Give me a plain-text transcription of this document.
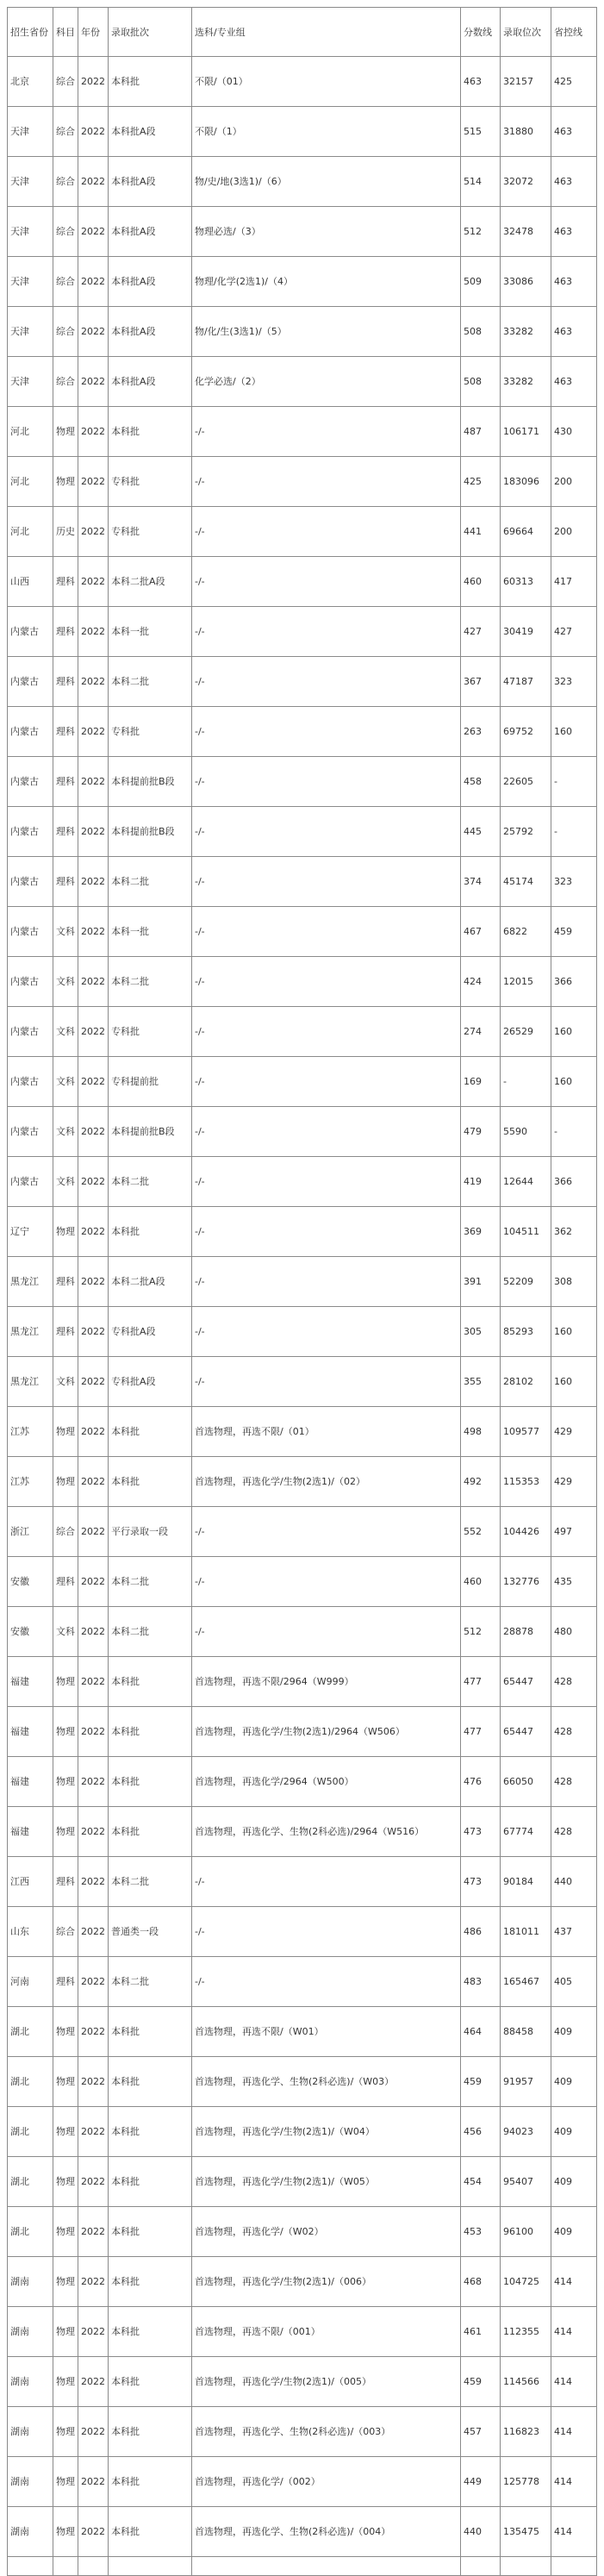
招生省份	科目	年份	录取批次	选科/专业组	分数线	录取位次	省控线
北京	综合	2022	本科批	不限/（01）	463	32157	425
天津	综合	2022	本科批A段	不限/（1）	515	31880	463
天津	综合	2022	本科批A段	物/史/地(3选1)/（6）	514	32072	463
天津	综合	2022	本科批A段	物理必选/（3）	512	32478	463
天津	综合	2022	本科批A段	物理/化学(2选1)/（4）	509	33086	463
天津	综合	2022	本科批A段	物/化/生(3选1)/（5）	508	33282	463
天津	综合	2022	本科批A段	化学必选/（2）	508	33282	463
河北	物理	2022	本科批	-/-	487	106171	430
河北	物理	2022	专科批	-/-	425	183096	200
河北	历史	2022	专科批	-/-	441	69664	200
山西	理科	2022	本科二批A段	-/-	460	60313	417
内蒙古	理科	2022	本科一批	-/-	427	30419	427
内蒙古	理科	2022	本科二批	-/-	367	47187	323
内蒙古	理科	2022	专科批	-/-	263	69752	160
内蒙古	理科	2022	本科提前批B段	-/-	458	22605	-
内蒙古	理科	2022	本科提前批B段	-/-	445	25792	-
内蒙古	理科	2022	本科二批	-/-	374	45174	323
内蒙古	文科	2022	本科一批	-/-	467	6822	459
内蒙古	文科	2022	本科二批	-/-	424	12015	366
内蒙古	文科	2022	专科批	-/-	274	26529	160
内蒙古	文科	2022	专科提前批	-/-	169	-	160
内蒙古	文科	2022	本科提前批B段	-/-	479	5590	-
内蒙古	文科	2022	本科二批	-/-	419	12644	366
辽宁	物理	2022	本科批	-/-	369	104511	362
黑龙江	理科	2022	本科二批A段	-/-	391	52209	308
黑龙江	理科	2022	专科批A段	-/-	305	85293	160
黑龙江	文科	2022	专科批A段	-/-	355	28102	160
江苏	物理	2022	本科批	首选物理，再选不限/（01）	498	109577	429
江苏	物理	2022	本科批	首选物理，再选化学/生物(2选1)/（02）	492	115353	429
浙江	综合	2022	平行录取一段	-/-	552	104426	497
安徽	理科	2022	本科二批	-/-	460	132776	435
安徽	文科	2022	本科二批	-/-	512	28878	480
福建	物理	2022	本科批	首选物理，再选不限/2964（W999）	477	65447	428
福建	物理	2022	本科批	首选物理，再选化学/生物(2选1)/2964（W506）	477	65447	428
福建	物理	2022	本科批	首选物理，再选化学/2964（W500）	476	66050	428
福建	物理	2022	本科批	首选物理，再选化学、生物(2科必选)/2964（W516）	473	67774	428
江西	理科	2022	本科二批	-/-	473	90184	440
山东	综合	2022	普通类一段	-/-	486	181011	437
河南	理科	2022	本科二批	-/-	483	165467	405
湖北	物理	2022	本科批	首选物理，再选不限/（W01）	464	88458	409
湖北	物理	2022	本科批	首选物理，再选化学、生物(2科必选)/（W03）	459	91957	409
湖北	物理	2022	本科批	首选物理，再选化学/生物(2选1)/（W04）	456	94023	409
湖北	物理	2022	本科批	首选物理，再选化学/生物(2选1)/（W05）	454	95407	409
湖北	物理	2022	本科批	首选物理，再选化学/（W02）	453	96100	409
湖南	物理	2022	本科批	首选物理，再选化学/生物(2选1)/（006）	468	104725	414
湖南	物理	2022	本科批	首选物理，再选不限/（001）	461	112355	414
湖南	物理	2022	本科批	首选物理，再选化学/生物(2选1)/（005）	459	114566	414
湖南	物理	2022	本科批	首选物理，再选化学、生物(2科必选)/（003）	457	116823	414
湖南	物理	2022	本科批	首选物理，再选化学/（002）	449	125778	414
湖南	物理	2022	本科批	首选物理，再选化学、生物(2科必选)/（004）	440	135475	414
